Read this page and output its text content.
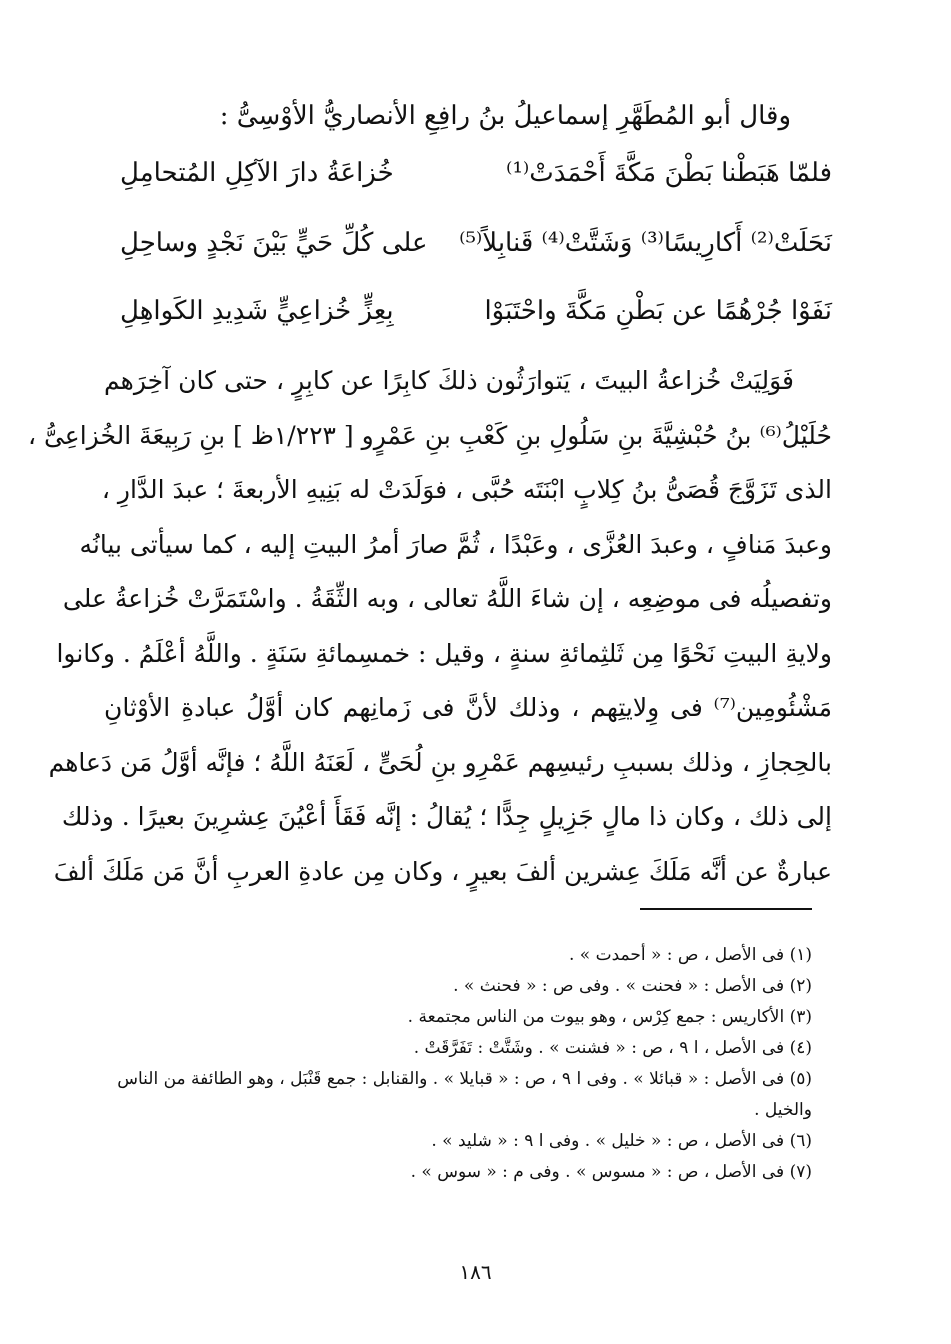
وقال أبو المُطَهَّرِ إسماعيلُ بنُ رافِعِ الأنصاريُّ الأوْسِىُّ :
فلمّا هَبَطْنا بَطْنَ مَكَّةَ أَحْمَدَتْ⁽¹⁾
خُزاعَةُ دارَ الآكِلِ المُتحامِلِ
نَحَلَتْ⁽²⁾ أَكارِيسًا⁽³⁾ وَشَتَّتْ⁽⁴⁾ قَنابِلاً⁽⁵⁾
على كُلِّ حَيٍّ بَيْنَ نَجْدٍ وساحِلِ
نَفَوْا جُرْهُمًا عن بَطْنِ مَكَّةَ واحْتَبَوْا
بِعِزٍّ خُزاعِيٍّ شَدِيدِ الكَواهِلِ

فَوَلِيَتْ خُزاعةُ البيتَ ، يَتوارَثُون ذلكَ كابِرًا عن كابِرٍ ، حتى كان آخِرَهم

حُلَيْلُ⁽⁶⁾ بنُ حُبْشِيَّةَ بنِ سَلُولِ بنِ كَعْبِ بنِ عَمْرٍو [ ١/٢٢٣ظ ] بنِ رَبِيعَةَ الخُزاعِىُّ ،

الذى تَزَوَّجَ قُصَىُّ بنُ كِلابٍ ابْنَتَه حُبَّى ، فوَلَدَتْ له بَنِيهِ الأربعةَ ؛ عبدَ الدَّارِ ،

وعبدَ مَنافٍ ، وعبدَ العُزَّى ، وعَبْدًا ، ثُمَّ صارَ أمرُ البيتِ إليه ، كما سيأتى بيانُه

وتفصيلُه فى موضِعِه ، إن شاءَ اللَّهُ تعالى ، وبه الثِّقَةُ . واسْتَمَرَّتْ خُزاعةُ على

ولايةِ البيتِ نَحْوًا مِن ثَلثِمائةِ سنةٍ ، وقيل : خمسِمائةِ سَنَةٍ . واللَّهُ أعْلَمُ . وكانوا

مَشْئُومِين⁽⁷⁾ فى وِلايتِهم ، وذلك لأنَّ فى زَمانِهم كان أوَّلُ عبادةِ الأوْثانِ

بالحِجازِ ، وذلك بسببِ رئيسِهم عَمْرِو بنِ لُحَىٍّ ، لَعَنَهُ اللَّهُ ؛ فإنَّه أوَّلُ مَن دَعاهم

إلى ذلك ، وكان ذا مالٍ جَزِيلٍ جِدًّا ؛ يُقالُ : إنَّه فَقَأَ أعْيُنَ عِشرِينَ بعيرًا . وذلك

عبارةٌ عن أنَّه مَلَكَ عِشرين ألفَ بعيرٍ ، وكان مِن عادةِ العربِ أنَّ مَن مَلَكَ ألفَ

(١) فى الأصل ، ص : « أحمدت » .
(٢) فى الأصل : « فحنت » . وفى ص : « فحنث » .
(٣) الأكاريس : جمع كِرْس ، وهو بيوت من الناس مجتمعة .
(٤) فى الأصل ، ا ٩ ، ص : « فشنت » . وشَتَّتْ : تَفَرَّقَتْ .
(٥) فى الأصل : « قبائلا » . وفى ا ٩ ، ص : « قبايلا » . والقنابل : جمع قَنْبَل ، وهو الطائفة من الناس
والخيل .
(٦) فى الأصل ، ص : « خليل » . وفى ا ٩ : « شليد » .
(٧) فى الأصل ، ص : « مسوس » . وفى م : « سوس » .
١٨٦
